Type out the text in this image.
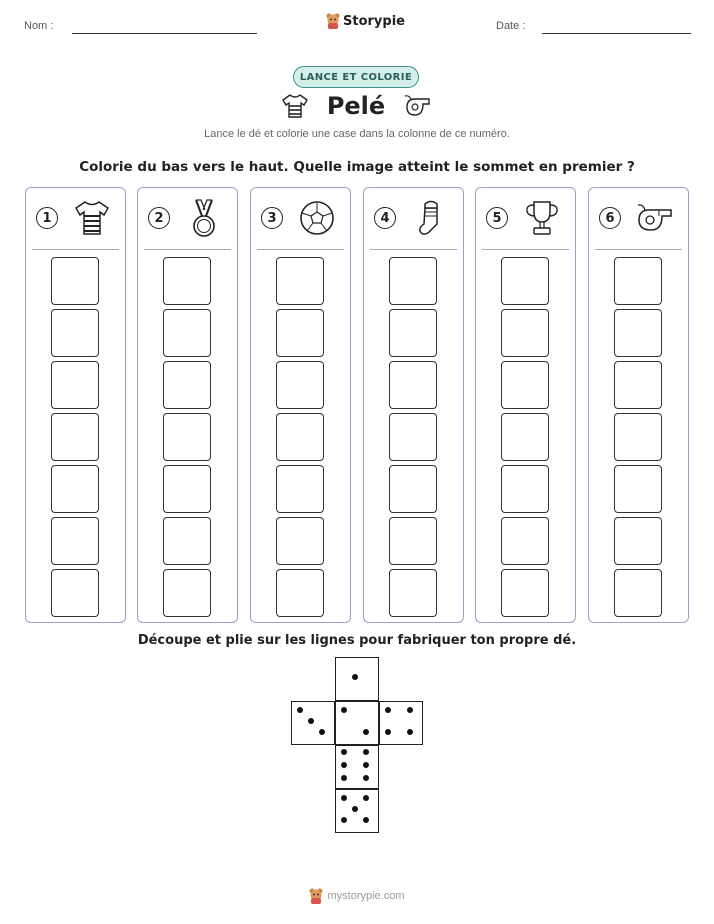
Nom :	Storypie	Date :
LANCE ET COLORIE
Pelé
Lance le dé et colorie une case dans la colonne de ce numéro.
Colorie du bas vers le haut. Quelle image atteint le sommet en premier ?
1	2	3	4	5	6
Découpe et plie sur les lignes pour fabriquer ton propre dé.
mystorypie.com
